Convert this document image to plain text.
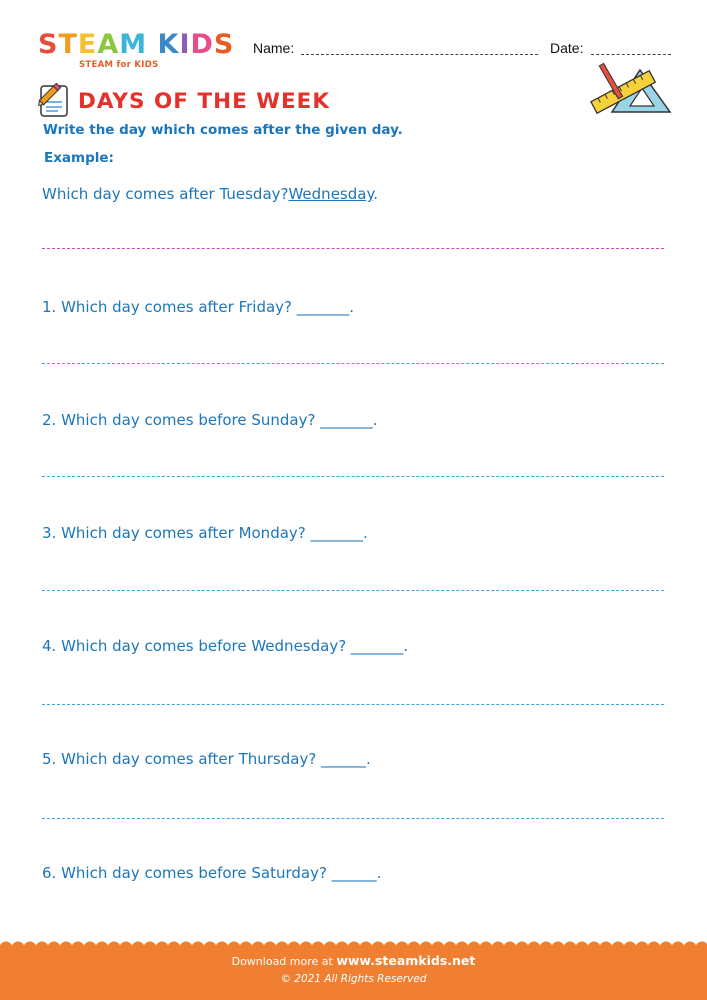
STEAM KIDS
STEAM for KIDS
Name:	Date:
DAYS OF THE WEEK
Write the day which comes after the given day.
Example:
Which day comes after Tuesday?Wednesday.
1. Which day comes after Friday? _______.
2. Which day comes before Sunday? _______.
3. Which day comes after Monday? _______.
4. Which day comes before Wednesday? _______.
5. Which day comes after Thursday? ______.
6. Which day comes before Saturday? ______.
Download more at www.steamkids.net
© 2021 All Rights Reserved
